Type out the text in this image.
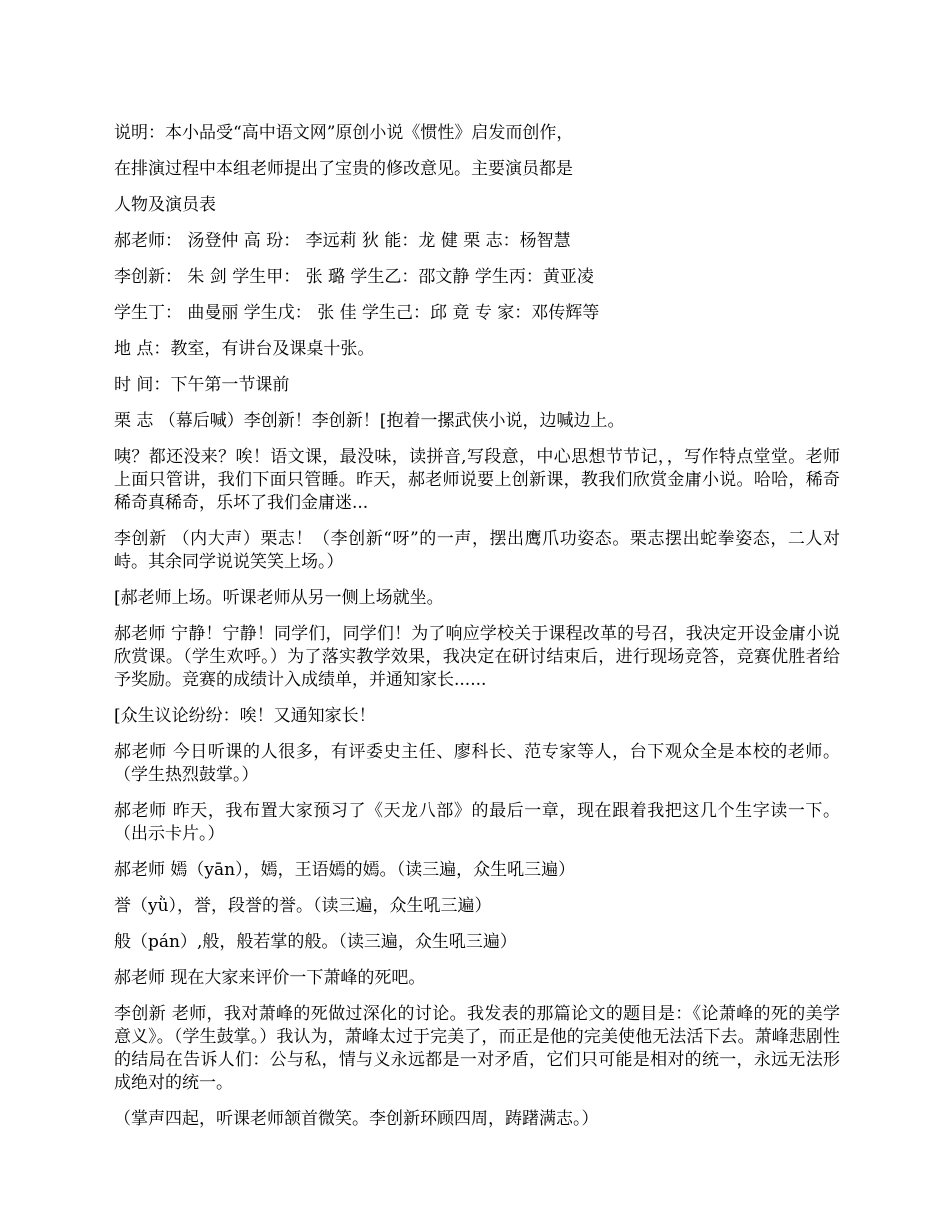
说明：本小品受“高中语文网”原创小说《惯性》启发而创作，

在排演过程中本组老师提出了宝贵的修改意见。主要演员都是

人物及演员表

郝老师： 汤登仲 高 玢： 李远莉 狄 能：龙 健 栗 志：杨智慧

李创新： 朱 剑 学生甲： 张 璐 学生乙：邵文静 学生丙：黄亚凌

学生丁： 曲曼丽 学生戊： 张 佳 学生己：邱 竟 专 家：邓传辉等

地 点：教室，有讲台及课桌十张。

时 间：下午第一节课前

栗 志 （幕后喊）李创新！李创新！[抱着一摞武侠小说，边喊边上。

咦？都还没来？唉！语文课，最没味，读拼音,写段意，中心思想节节记，，写作特点堂堂。老师上面只管讲，我们下面只管睡。昨天，郝老师说要上创新课，教我们欣赏金庸小说。哈哈，稀奇稀奇真稀奇，乐坏了我们金庸迷...

李创新 （内大声）栗志！（李创新“呀”的一声，摆出鹰爪功姿态。栗志摆出蛇拳姿态，二人对峙。其余同学说说笑笑上场。）

[郝老师上场。听课老师从另一侧上场就坐。

郝老师 宁静！宁静！同学们，同学们！为了响应学校关于课程改革的号召，我决定开设金庸小说欣赏课。（学生欢呼。）为了落实教学效果，我决定在研讨结束后，进行现场竞答，竞赛优胜者给予奖励。竞赛的成绩计入成绩单，并通知家长......

[众生议论纷纷：唉！又通知家长！

郝老师 今日听课的人很多，有评委史主任、廖科长、范专家等人，台下观众全是本校的老师。（学生热烈鼓掌。）

郝老师 昨天，我布置大家预习了《天龙八部》的最后一章，现在跟着我把这几个生字读一下。（出示卡片。）

郝老师 嫣（yān），嫣，王语嫣的嫣。（读三遍，众生吼三遍）

誉（yǜ），誉，段誉的誉。（读三遍，众生吼三遍）

般（pán）,般，般若掌的般。（读三遍，众生吼三遍）

郝老师 现在大家来评价一下萧峰的死吧。

李创新 老师，我对萧峰的死做过深化的讨论。我发表的那篇论文的题目是：《论萧峰的死的美学意义》。（学生鼓掌。）我认为，萧峰太过于完美了，而正是他的完美使他无法活下去。萧峰悲剧性的结局在告诉人们：公与私，情与义永远都是一对矛盾，它们只可能是相对的统一，永远无法形成绝对的统一。

（掌声四起，听课老师颔首微笑。李创新环顾四周，踌躇满志。）
